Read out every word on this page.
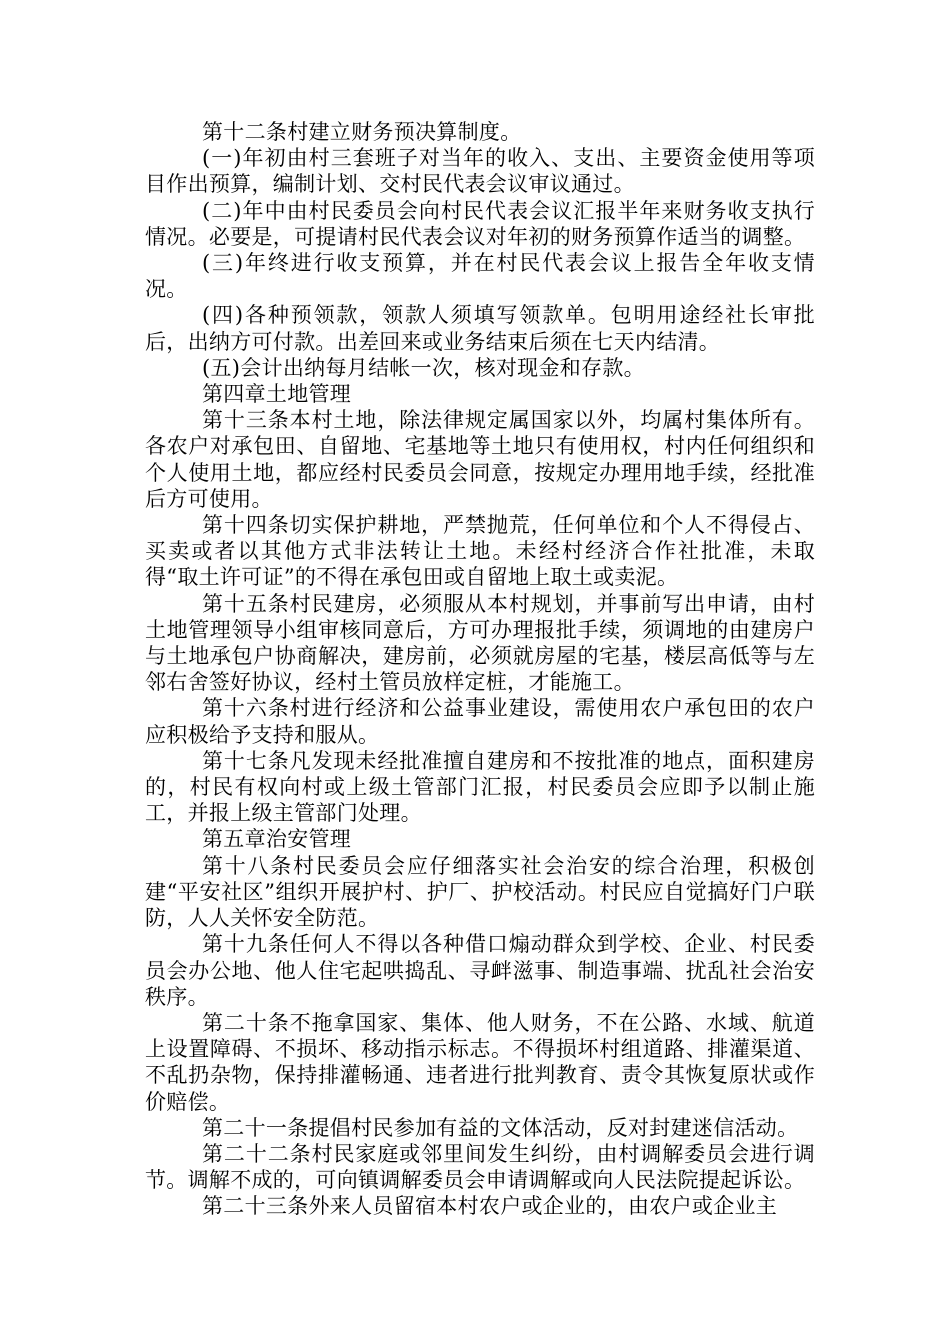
第十二条村建立财务预决算制度。

(一)年初由村三套班子对当年的收入、支出、主要资金使用等项目作出预算，编制计划、交村民代表会议审议通过。

(二)年中由村民委员会向村民代表会议汇报半年来财务收支执行情况。必要是，可提请村民代表会议对年初的财务预算作适当的调整。

(三)年终进行收支预算，并在村民代表会议上报告全年收支情况。

(四)各种预领款，领款人须填写领款单。包明用途经社长审批后，出纳方可付款。出差回来或业务结束后须在七天内结清。

(五)会计出纳每月结帐一次，核对现金和存款。

第四章土地管理

第十三条本村土地，除法律规定属国家以外，均属村集体所有。各农户对承包田、自留地、宅基地等土地只有使用权，村内任何组织和个人使用土地，都应经村民委员会同意，按规定办理用地手续，经批准后方可使用。

第十四条切实保护耕地，严禁抛荒，任何单位和个人不得侵占、买卖或者以其他方式非法转让土地。未经村经济合作社批准，未取得“取土许可证”的不得在承包田或自留地上取土或卖泥。

第十五条村民建房，必须服从本村规划，并事前写出申请，由村土地管理领导小组审核同意后，方可办理报批手续，须调地的由建房户与土地承包户协商解决，建房前，必须就房屋的宅基，楼层高低等与左邻右舍签好协议，经村土管员放样定桩，才能施工。

第十六条村进行经济和公益事业建设，需使用农户承包田的农户应积极给予支持和服从。

第十七条凡发现未经批准擅自建房和不按批准的地点，面积建房的，村民有权向村或上级土管部门汇报，村民委员会应即予以制止施工，并报上级主管部门处理。

第五章治安管理

第十八条村民委员会应仔细落实社会治安的综合治理，积极创建“平安社区”组织开展护村、护厂、护校活动。村民应自觉搞好门户联防，人人关怀安全防范。

第十九条任何人不得以各种借口煽动群众到学校、企业、村民委员会办公地、他人住宅起哄捣乱、寻衅滋事、制造事端、扰乱社会治安秩序。

第二十条不拖拿国家、集体、他人财务，不在公路、水域、航道上设置障碍、不损坏、移动指示标志。不得损坏村组道路、排灌渠道、不乱扔杂物，保持排灌畅通、违者进行批判教育、责令其恢复原状或作价赔偿。

第二十一条提倡村民参加有益的文体活动，反对封建迷信活动。

第二十二条村民家庭或邻里间发生纠纷，由村调解委员会进行调节。调解不成的，可向镇调解委员会申请调解或向人民法院提起诉讼。

第二十三条外来人员留宿本村农户或企业的，由农户或企业主
